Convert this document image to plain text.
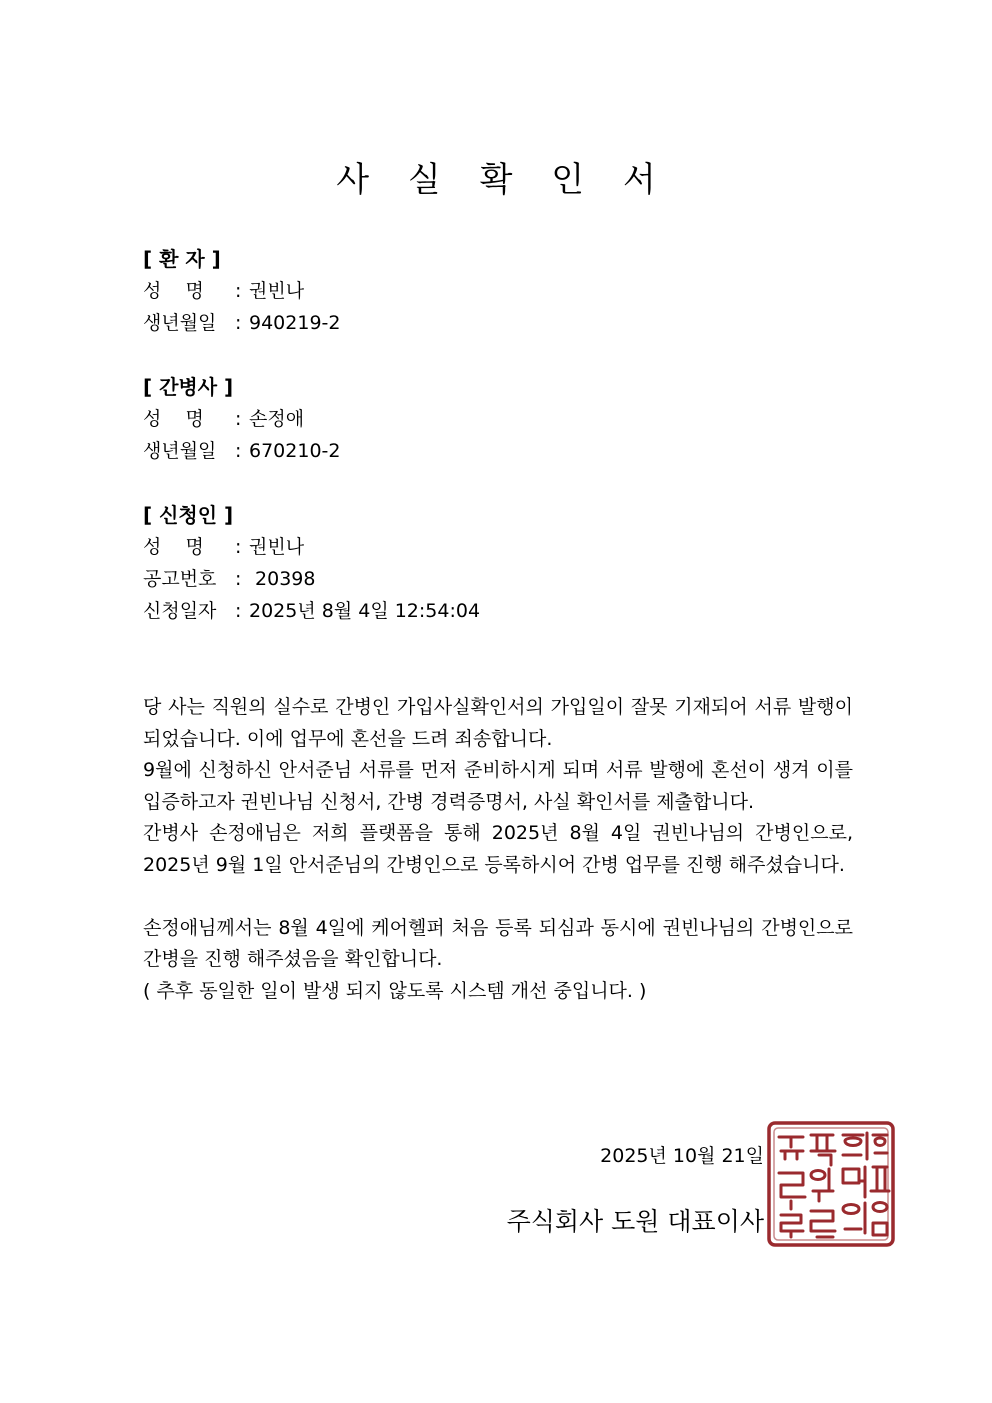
사 실 확 인 서
[ 환 자 ]
성    명 : 권빈나
생년월일 : 940219-2
[ 간병사 ]
성    명 : 손정애
생년월일 : 670210-2
[ 신청인 ]
성    명 : 권빈나
공고번호 : 20398
신청일자 : 2025년 8월 4일 12:54:04

당 사는 직원의 실수로 간병인 가입사실확인서의 가입일이 잘못 기재되어 서류 발행이 되었습니다. 이에 업무에 혼선을 드려 죄송합니다.

9월에 신청하신 안서준님 서류를 먼저 준비하시게 되며 서류 발행에 혼선이 생겨 이를 입증하고자 권빈나님 신청서, 간병 경력증명서, 사실 확인서를 제출합니다.

간병사 손정애님은 저희 플랫폼을 통해 2025년 8월 4일 권빈나님의 간병인으로, 2025년 9월 1일 안서준님의 간병인으로 등록하시어 간병 업무를 진행 해주셨습니다.

손정애님께서는 8월 4일에 케어헬퍼 처음 등록 되심과 동시에 권빈나님의 간병인으로 간병을 진행 해주셨음을 확인합니다.

( 추후 동일한 일이 발생 되지 않도록 시스템 개선 중입니다. )

2025년 10월 21일
주식회사 도원 대표이사
